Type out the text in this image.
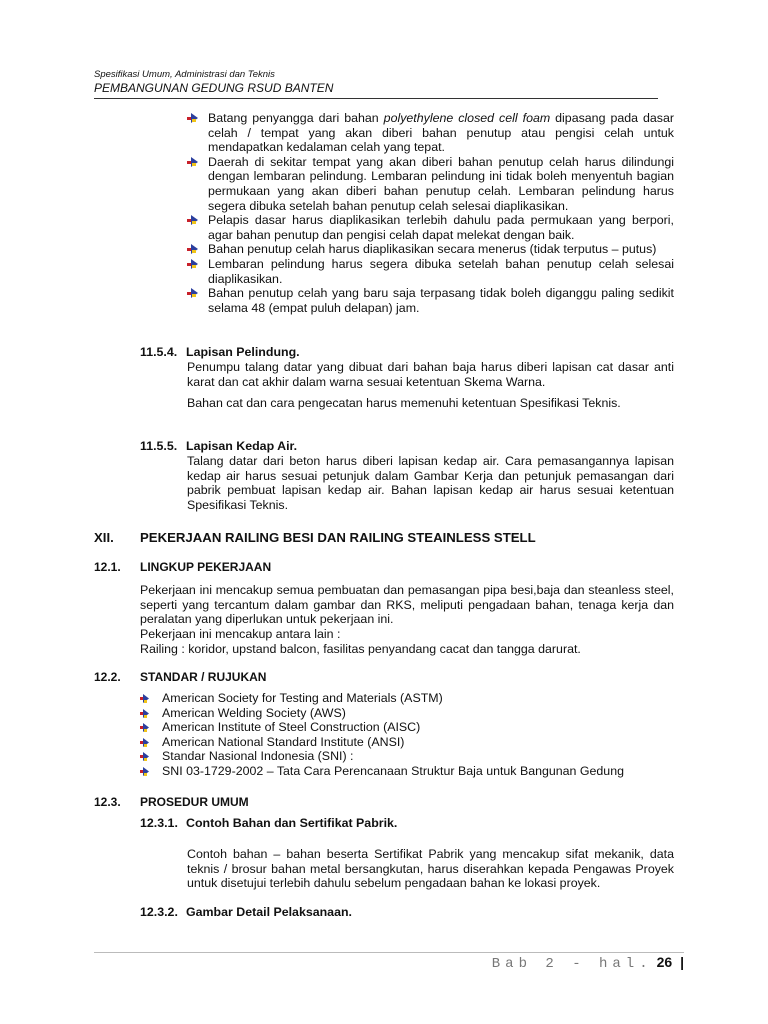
Spesifikasi Umum, Administrasi dan Teknis
PEMBANGUNAN GEDUNG RSUD BANTEN
Batang penyangga dari bahan polyethylene closed cell foam dipasang pada dasar celah / tempat yang akan diberi bahan penutup atau pengisi celah untuk mendapatkan kedalaman celah yang tepat.
Daerah di sekitar tempat yang akan diberi bahan penutup celah harus dilindungi dengan lembaran pelindung. Lembaran pelindung ini tidak boleh menyentuh bagian permukaan yang akan diberi bahan penutup celah. Lembaran pelindung harus segera dibuka setelah bahan penutup celah selesai diaplikasikan.
Pelapis dasar harus diaplikasikan terlebih dahulu pada permukaan yang berpori, agar bahan penutup dan pengisi celah dapat melekat dengan baik.
Bahan penutup celah harus diaplikasikan secara menerus (tidak terputus – putus)
Lembaran pelindung harus segera dibuka setelah bahan penutup celah selesai diaplikasikan.
Bahan penutup celah yang baru saja terpasang tidak boleh diganggu paling sedikit selama 48 (empat puluh delapan) jam.
11.5.4. Lapisan Pelindung.
Penumpu talang datar yang dibuat dari bahan baja harus diberi lapisan cat dasar anti karat dan cat akhir dalam warna sesuai ketentuan Skema Warna.
Bahan cat dan cara pengecatan harus memenuhi ketentuan Spesifikasi Teknis.
11.5.5. Lapisan Kedap Air.
Talang datar dari beton harus diberi lapisan kedap air. Cara pemasangannya lapisan kedap air harus sesuai petunjuk dalam Gambar Kerja dan petunjuk pemasangan dari pabrik pembuat lapisan kedap air. Bahan lapisan kedap air harus sesuai ketentuan Spesifikasi Teknis.
XII. PEKERJAAN RAILING BESI DAN RAILING STEAINLESS STELL
12.1. LINGKUP PEKERJAAN
Pekerjaan ini mencakup semua pembuatan dan pemasangan pipa besi,baja dan steanless steel, seperti yang tercantum dalam gambar dan RKS, meliputi pengadaan bahan, tenaga kerja dan peralatan yang diperlukan untuk pekerjaan ini.
Pekerjaan ini mencakup antara lain :
Railing : koridor, upstand balcon, fasilitas penyandang cacat dan tangga darurat.
12.2. STANDAR / RUJUKAN
American Society for Testing and Materials (ASTM)
American Welding Society (AWS)
American Institute of Steel Construction (AISC)
American National Standard Institute (ANSI)
Standar Nasional Indonesia (SNI) :
SNI 03-1729-2002 – Tata Cara Perencanaan Struktur Baja untuk Bangunan Gedung
12.3. PROSEDUR UMUM
12.3.1. Contoh Bahan dan Sertifikat Pabrik.
Contoh bahan – bahan beserta Sertifikat Pabrik yang mencakup sifat mekanik, data teknis / brosur bahan metal bersangkutan, harus diserahkan kepada Pengawas Proyek untuk disetujui terlebih dahulu sebelum pengadaan bahan ke lokasi proyek.
12.3.2. Gambar Detail Pelaksanaan.
Bab 2 - hal. 26 |
